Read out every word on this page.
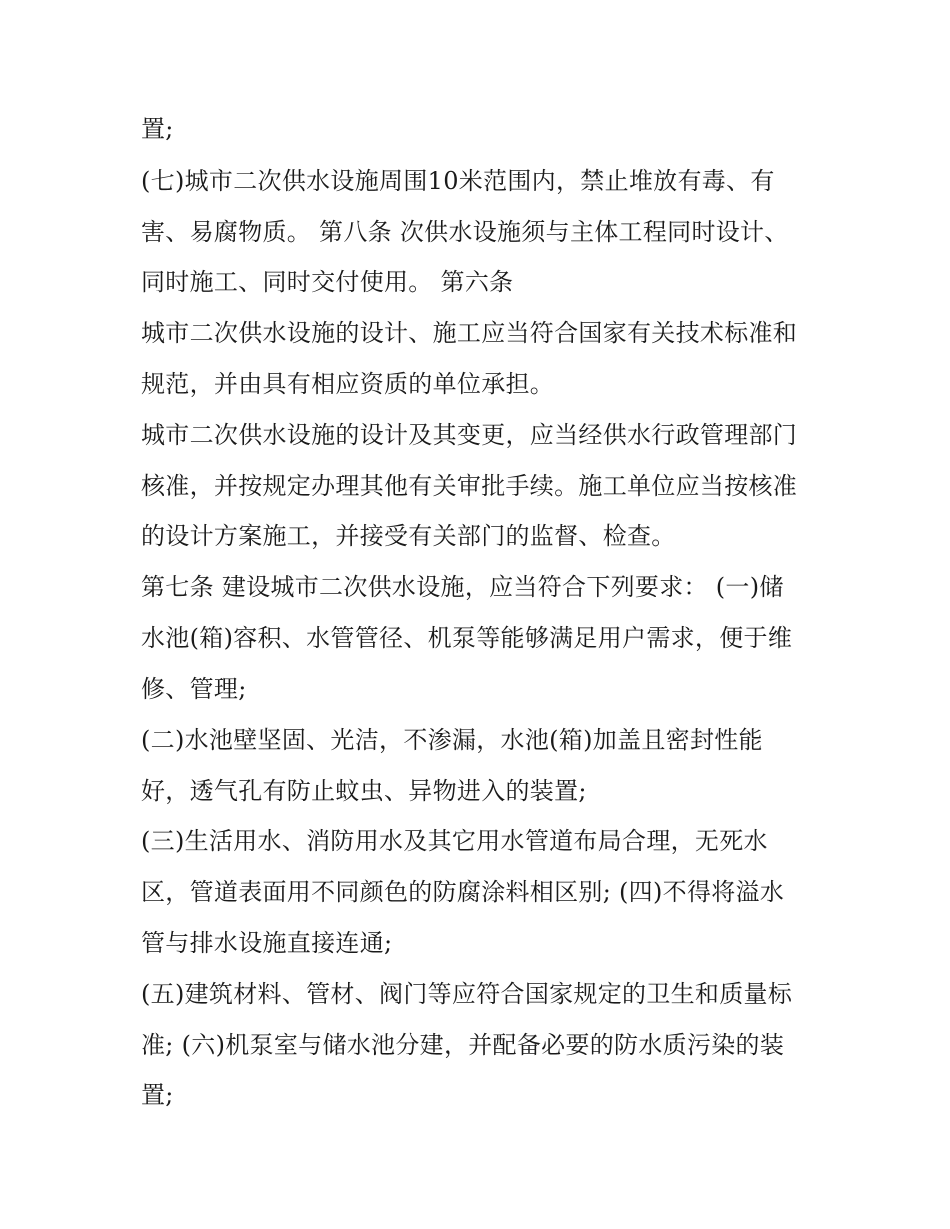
置;
(七)城市二次供水设施周围10米范围内，禁止堆放有毒、有
害、易腐物质。 第八条 次供水设施须与主体工程同时设计、
同时施工、同时交付使用。 第六条
城市二次供水设施的设计、施工应当符合国家有关技术标准和
规范，并由具有相应资质的单位承担。
城市二次供水设施的设计及其变更，应当经供水行政管理部门
核准，并按规定办理其他有关审批手续。施工单位应当按核准
的设计方案施工，并接受有关部门的监督、检查。
第七条 建设城市二次供水设施，应当符合下列要求： (一)储
水池(箱)容积、水管管径、机泵等能够满足用户需求，便于维
修、管理;
(二)水池壁坚固、光洁，不渗漏，水池(箱)加盖且密封性能
好，透气孔有防止蚊虫、异物进入的装置;
(三)生活用水、消防用水及其它用水管道布局合理，无死水
区，管道表面用不同颜色的防腐涂料相区别; (四)不得将溢水
管与排水设施直接连通;
(五)建筑材料、管材、阀门等应符合国家规定的卫生和质量标
准; (六)机泵室与储水池分建，并配备必要的防水质污染的装
置;
